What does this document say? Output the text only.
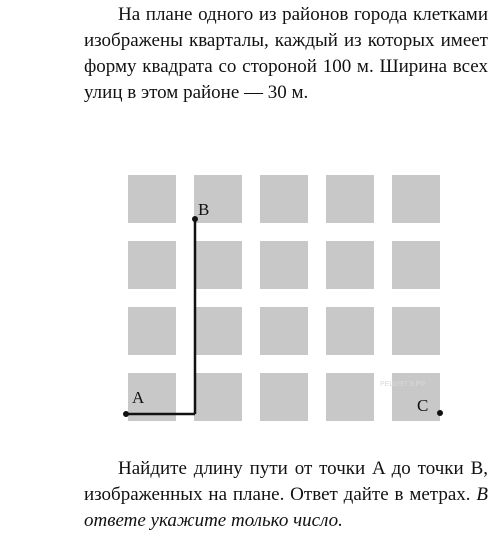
На плане одного из районов города клетками изображены кварталы, каждый из которых имеет форму квадрата со стороной 100 м. Ширина всех улиц в этом районе — 30 м.

РЕШУЕГЭ.РФ
A
B
C

Найдите длину пути от точки A до точки B, изображенных на плане. Ответ дайте в метрах. В ответе укажите только число.
